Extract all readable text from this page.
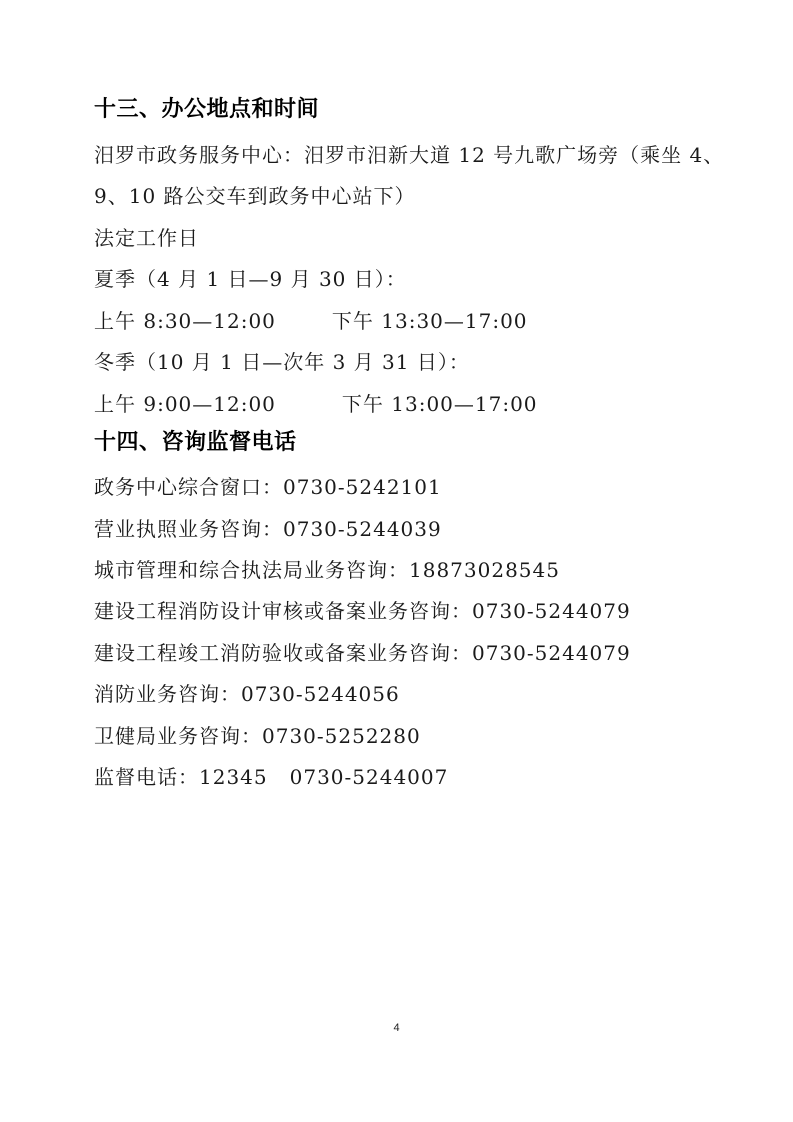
十三、办公地点和时间
汨罗市政务服务中心：汨罗市汨新大道 12 号九歌广场旁（乘坐 4、
9、10 路公交车到政务中心站下）
法定工作日
夏季（4 月 1 日—9 月 30 日）：
上午 8:30—12:00	下午 13:30—17:00
冬季（10 月 1 日—次年 3 月 31 日）：
上午 9:00—12:00	下午 13:00—17:00
十四、咨询监督电话
政务中心综合窗口：0730-5242101
营业执照业务咨询：0730-5244039
城市管理和综合执法局业务咨询：18873028545
建设工程消防设计审核或备案业务咨询：0730-5244079
建设工程竣工消防验收或备案业务咨询：0730-5244079
消防业务咨询：0730-5244056
卫健局业务咨询：0730-5252280
监督电话：12345 0730-5244007
4
